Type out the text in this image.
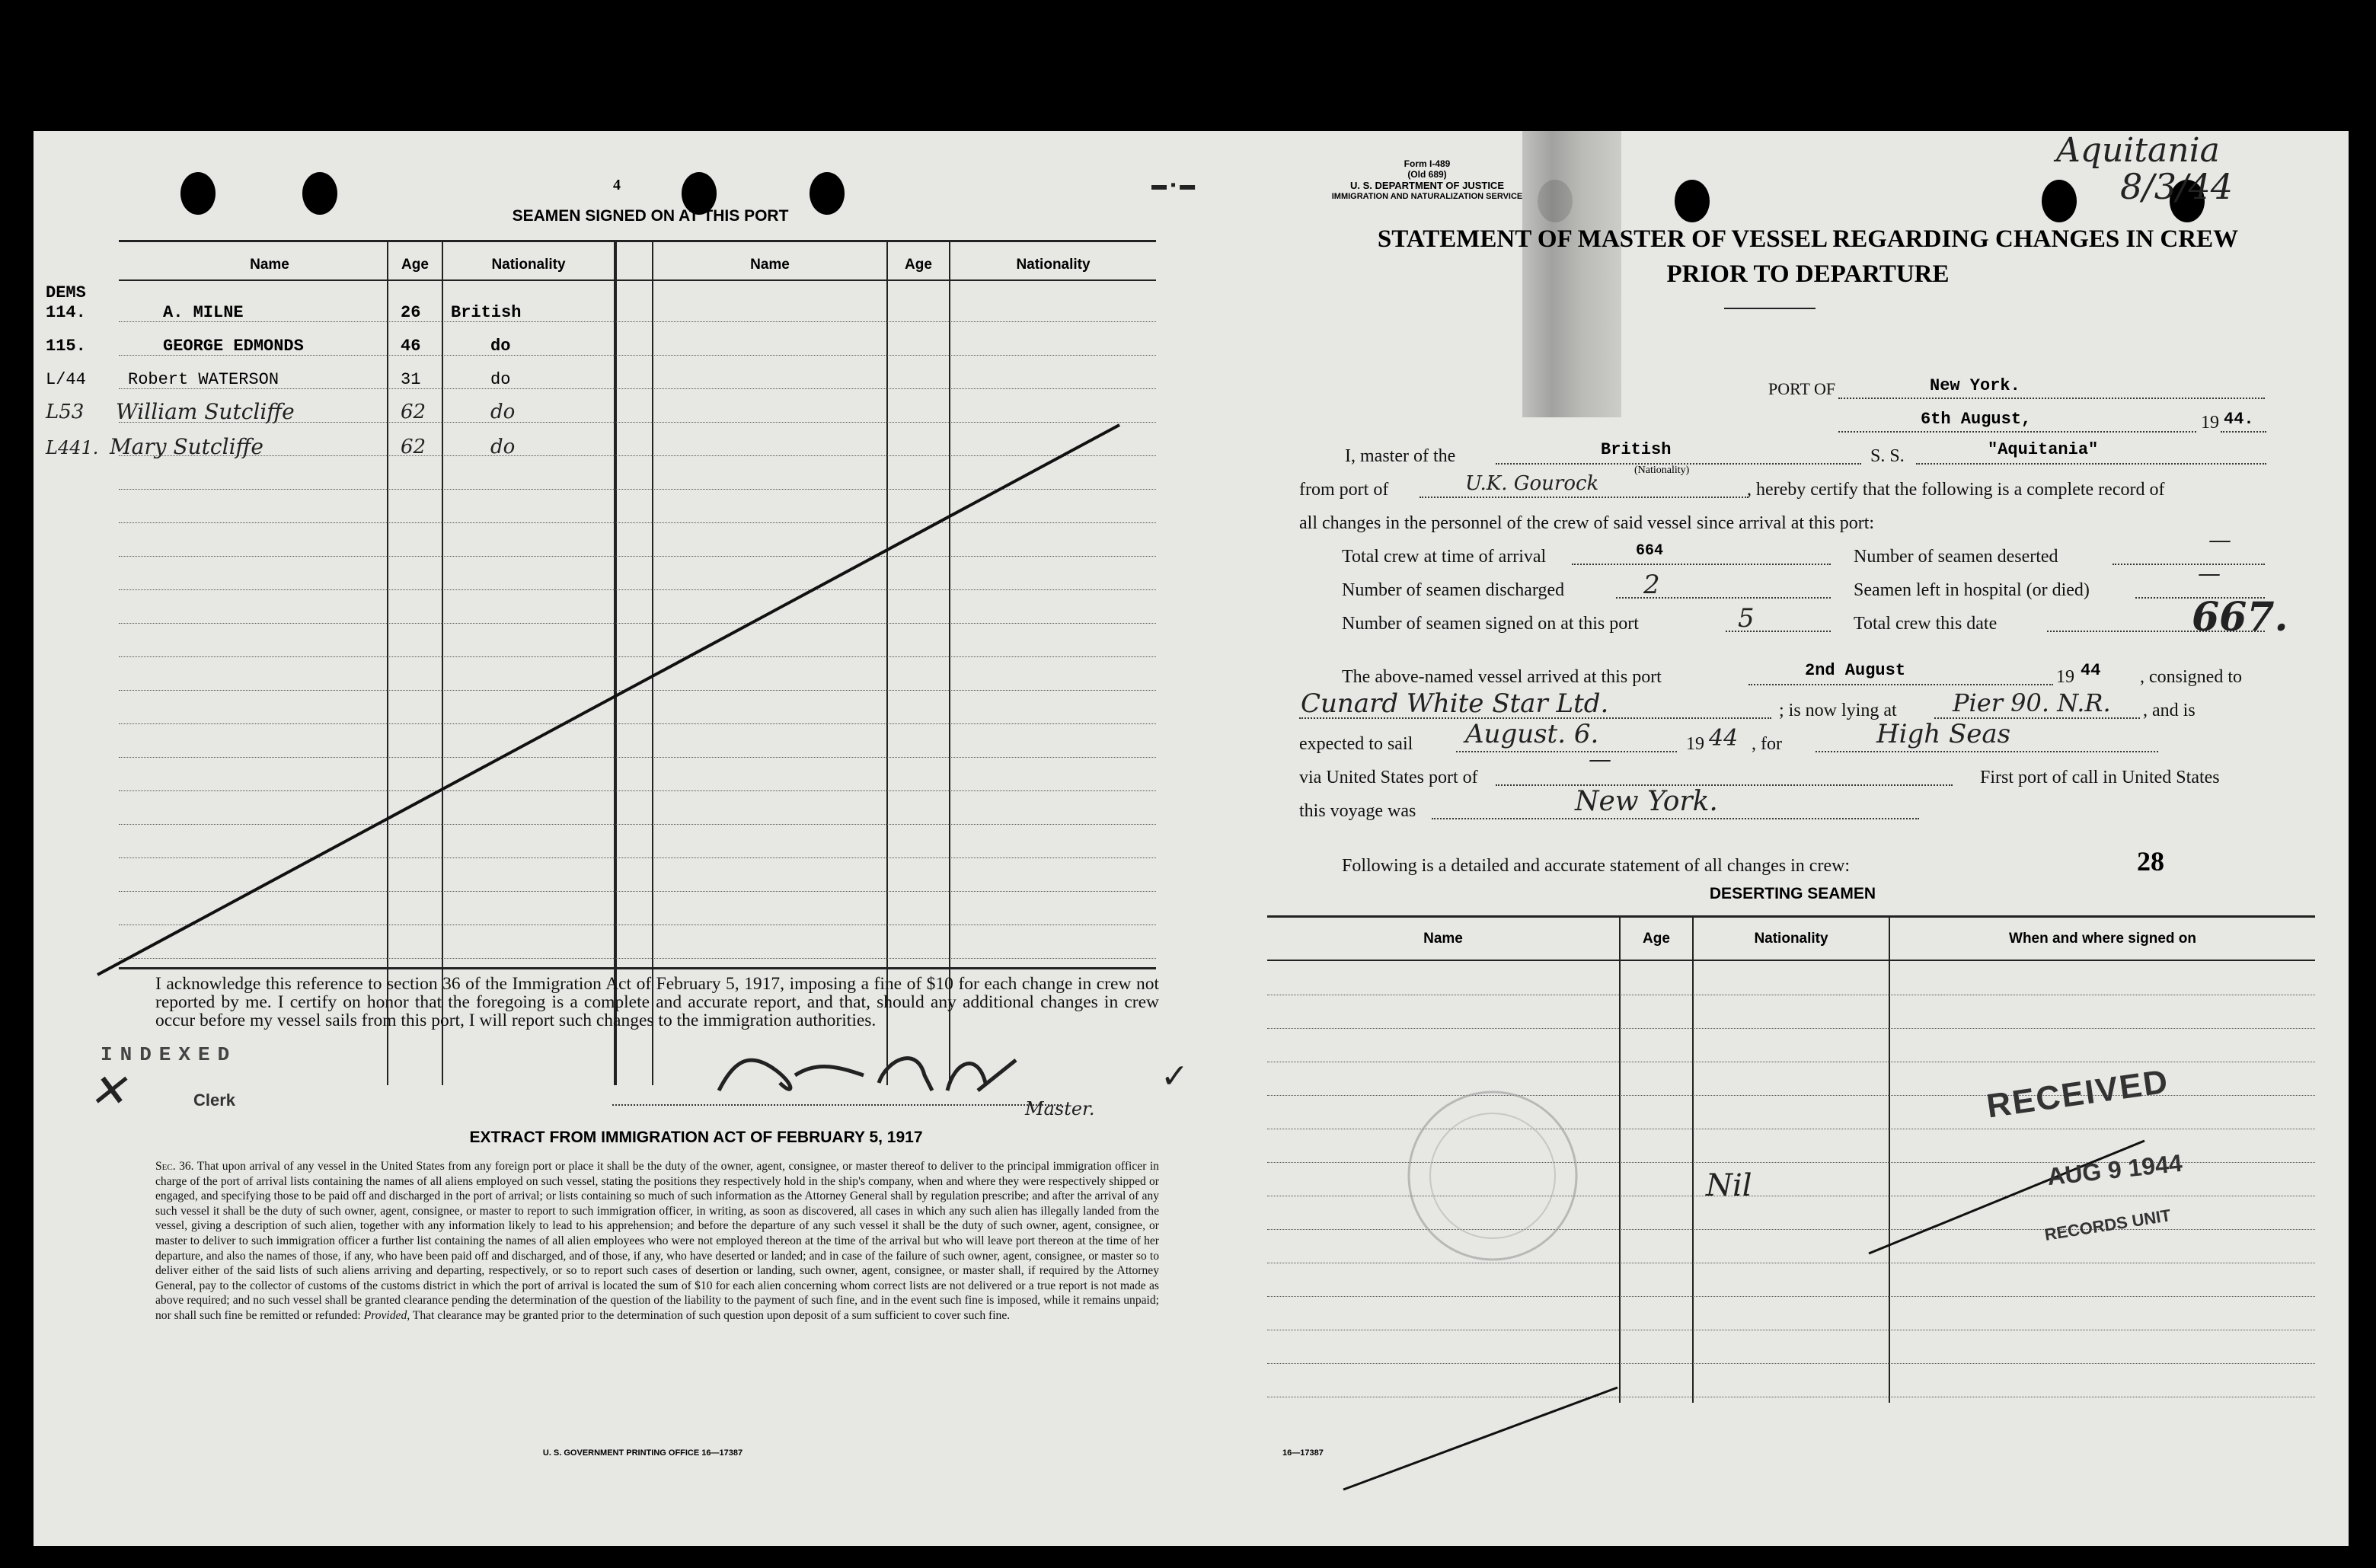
4
SEAMEN SIGNED ON AT THIS PORT
Name	Age	Nationality	Name	Age	Nationality
DEMS
114.	A. MILNE	26 British
115.	GEORGE EDMONDS	46	do
L/44	Robert WATERSON	31	do
L53 William Sutcliffe	62	do
L441. Mary Sutcliffe	62	do
I acknowledge this reference to section 36 of the Immigration Act of February 5, 1917, imposing a fine of $10 for each change in crew not reported by me. I certify on honor that the foregoing is a complete and accurate report, and that, should any additional changes in crew occur before my vessel sails from this port, I will report such changes to the immigration authorities.
INDEXED
✕	Clerk	Master.
✓
EXTRACT FROM IMMIGRATION ACT OF FEBRUARY 5, 1917
Sec. 36. That upon arrival of any vessel in the United States from any foreign port or place it shall be the duty of the owner, agent, consignee, or master thereof to deliver to the principal immigration officer in charge of the port of arrival lists containing the names of all aliens employed on such vessel, stating the positions they respectively hold in the ship's company, when and where they were respectively shipped or engaged, and specifying those to be paid off and discharged in the port of arrival; or lists containing so much of such information as the Attorney General shall by regulation prescribe; and after the arrival of any such vessel it shall be the duty of such owner, agent, consignee, or master to report to such immigration officer, in writing, as soon as discovered, all cases in which any such alien has illegally landed from the vessel, giving a description of such alien, together with any information likely to lead to his apprehension; and before the departure of any such vessel it shall be the duty of such owner, agent, consignee, or master to deliver to such immigration officer a further list containing the names of all alien employees who were not employed thereon at the time of the arrival but who will leave port thereon at the time of her departure, and also the names of those, if any, who have been paid off and discharged, and of those, if any, who have deserted or landed; and in case of the failure of such owner, agent, consignee, or master so to deliver either of the said lists of such aliens arriving and departing, respectively, or so to report such cases of desertion or landing, such owner, agent, consignee, or master shall, if required by the Attorney General, pay to the collector of customs of the customs district in which the port of arrival is located the sum of $10 for each alien concerning whom correct lists are not delivered or a true report is not made as above required; and no such vessel shall be granted clearance pending the determination of the question of the liability to the payment of such fine, and in the event such fine is imposed, while it remains unpaid; nor shall such fine be remitted or refunded: Provided, That clearance may be granted prior to the determination of such question upon deposit of a sum sufficient to cover such fine.
U. S. GOVERNMENT PRINTING OFFICE 16—17387
Aquitania
8/3/44
▬ ▪ ▬
Form I-489
(Old 689)
U. S. DEPARTMENT OF JUSTICE
IMMIGRATION AND NATURALIZATION SERVICE
STATEMENT OF MASTER OF VESSEL REGARDING CHANGES IN CREW
PRIOR TO DEPARTURE
PORT OF	New York.
6th August,	19 44.
I, master of the	British
(Nationality)
S. S.	"Aquitania"
from port of	U.K. Gourock	, hereby certify that the following is a complete record of
all changes in the personnel of the crew of said vessel since arrival at this port:
Total crew at time of arrival	664	Number of seamen deserted
—
Number of seamen discharged	2	Seamen left in hospital (or died)
—
Number of seamen signed on at this port	5	Total crew this date	667.
The above-named vessel arrived at this port	2nd August	19 44 , consigned to
Cunard White Star Ltd.	; is now lying at Pier 90. N.R. , and is
expected to sail August. 6.	19 44 , for	High Seas
via United States port of
—
First port of call in United States
this voyage was	New York.
Following is a detailed and accurate statement of all changes in crew:	28
DESERTING SEAMEN
Name	Age	Nationality	When and where signed on
Nil
RECEIVED
AUG 9 1944
RECORDS UNIT
16—17387
